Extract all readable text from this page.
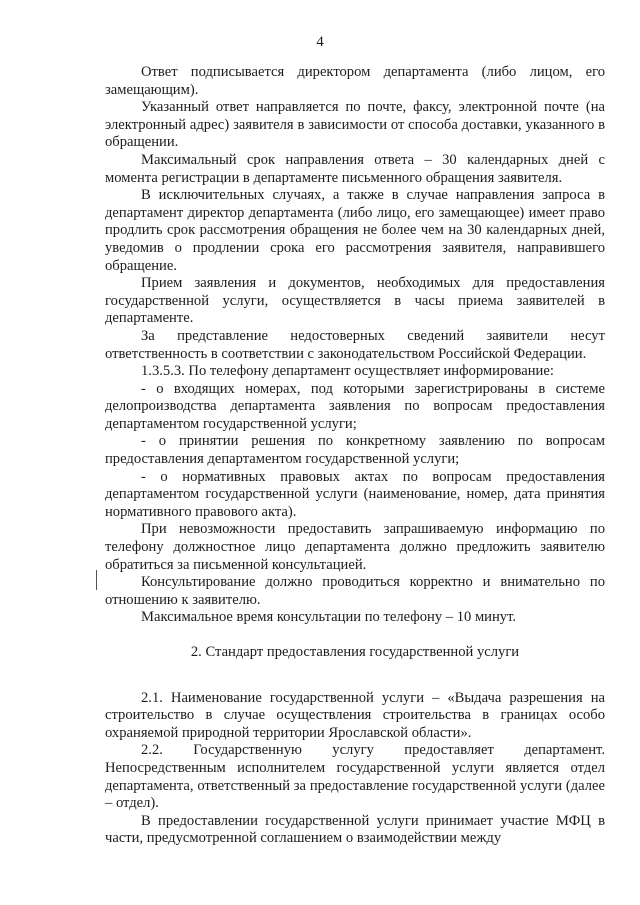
4

Ответ подписывается директором департамента (либо лицом, его замещающим).

Указанный ответ направляется по почте, факсу, электронной почте (на электронный адрес) заявителя в зависимости от способа доставки, указанного в обращении.

Максимальный срок направления ответа – 30 календарных дней с момента регистрации в департаменте письменного обращения заявителя.

В исключительных случаях, а также в случае направления запроса в департамент директор департамента (либо лицо, его замещающее) имеет право продлить срок рассмотрения обращения не более чем на 30 календарных дней, уведомив о продлении срока его рассмотрения заявителя, направившего обращение.

Прием заявления и документов, необходимых для предоставления государственной услуги, осуществляется в часы приема заявителей в департаменте.

За представление недостоверных сведений заявители несут ответственность в соответствии с законодательством Российской Федерации.

1.3.5.3. По телефону департамент осуществляет информирование:

- о входящих номерах, под которыми зарегистрированы в системе делопроизводства департамента заявления по вопросам предоставления департаментом государственной услуги;

- о принятии решения по конкретному заявлению по вопросам предоставления департаментом государственной услуги;

- о нормативных правовых актах по вопросам предоставления департаментом государственной услуги (наименование, номер, дата принятия нормативного правового акта).

При невозможности предоставить запрашиваемую информацию по телефону должностное лицо департамента должно предложить заявителю обратиться за письменной консультацией.

Консультирование должно проводиться корректно и внимательно по отношению к заявителю.

Максимальное время консультации по телефону – 10 минут.

2. Стандарт предоставления государственной услуги

2.1. Наименование государственной услуги – «Выдача разрешения на строительство в случае осуществления строительства в границах особо охраняемой природной территории Ярославской области».

2.2. Государственную услугу предоставляет департамент. Непосредственным исполнителем государственной услуги является отдел департамента, ответственный за предоставление государственной услуги (далее – отдел).

В предоставлении государственной услуги принимает участие МФЦ в части, предусмотренной соглашением о взаимодействии между
